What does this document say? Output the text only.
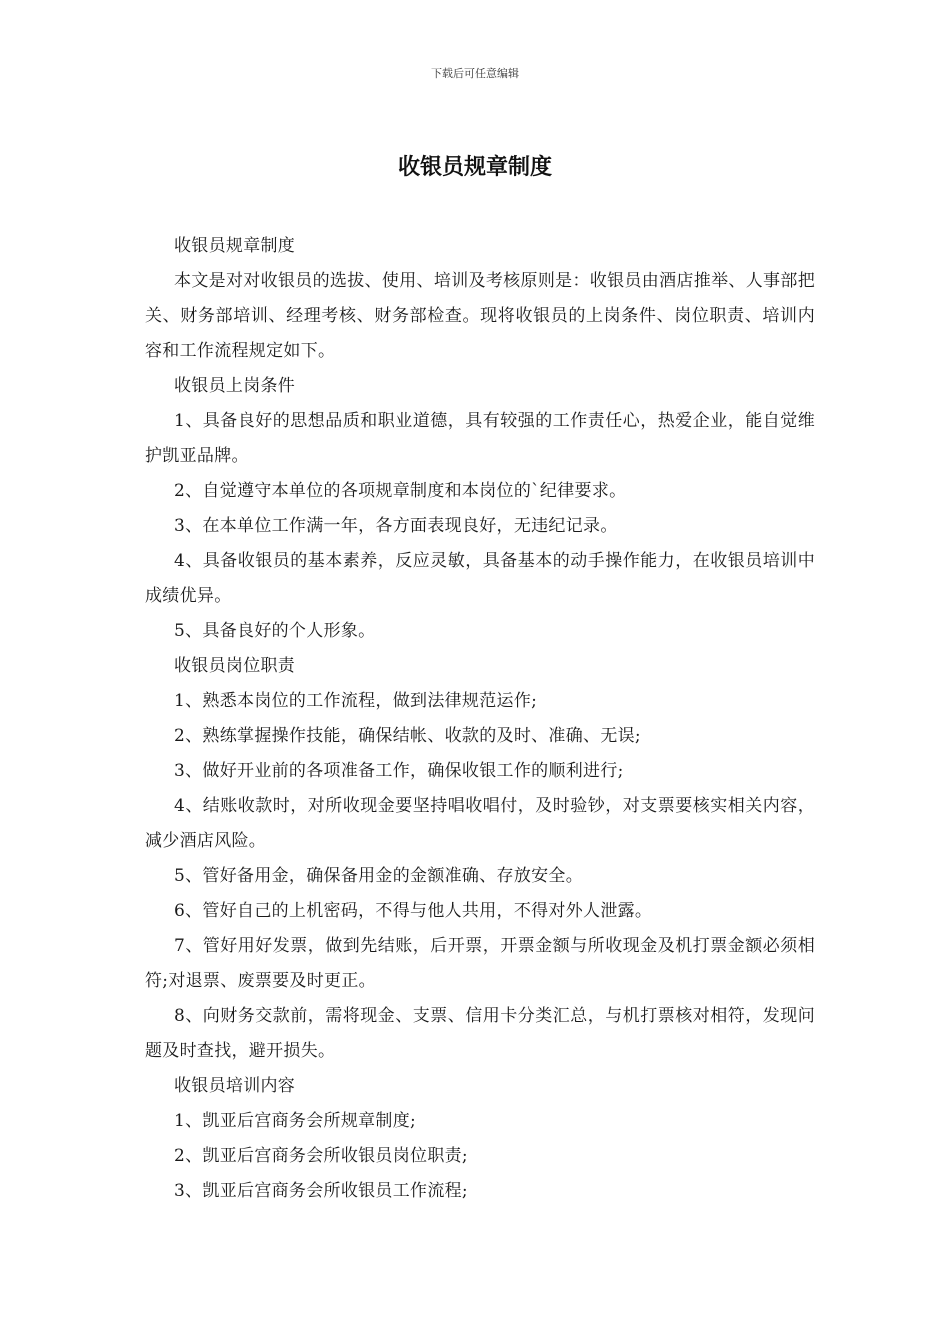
下载后可任意编辑
收银员规章制度

收银员规章制度

本文是对对收银员的选拔、使用、培训及考核原则是：收银员由酒店推举、人事部把关、财务部培训、经理考核、财务部检查。现将收银员的上岗条件、岗位职责、培训内容和工作流程规定如下。

收银员上岗条件

1、具备良好的思想品质和职业道德，具有较强的工作责任心，热爱企业，能自觉维护凯亚品牌。

2、自觉遵守本单位的各项规章制度和本岗位的`纪律要求。

3、在本单位工作满一年，各方面表现良好，无违纪记录。

4、具备收银员的基本素养，反应灵敏，具备基本的动手操作能力，在收银员培训中成绩优异。

5、具备良好的个人形象。

收银员岗位职责

1、熟悉本岗位的工作流程，做到法律规范运作;

2、熟练掌握操作技能，确保结帐、收款的及时、准确、无误;

3、做好开业前的各项准备工作，确保收银工作的顺利进行;

4、结账收款时，对所收现金要坚持唱收唱付，及时验钞，对支票要核实相关内容，减少酒店风险。

5、管好备用金，确保备用金的金额准确、存放安全。

6、管好自己的上机密码，不得与他人共用，不得对外人泄露。

7、管好用好发票，做到先结账，后开票，开票金额与所收现金及机打票金额必须相符;对退票、废票要及时更正。

8、向财务交款前，需将现金、支票、信用卡分类汇总，与机打票核对相符，发现问题及时查找，避开损失。

收银员培训内容

1、凯亚后宫商务会所规章制度;

2、凯亚后宫商务会所收银员岗位职责;

3、凯亚后宫商务会所收银员工作流程;
